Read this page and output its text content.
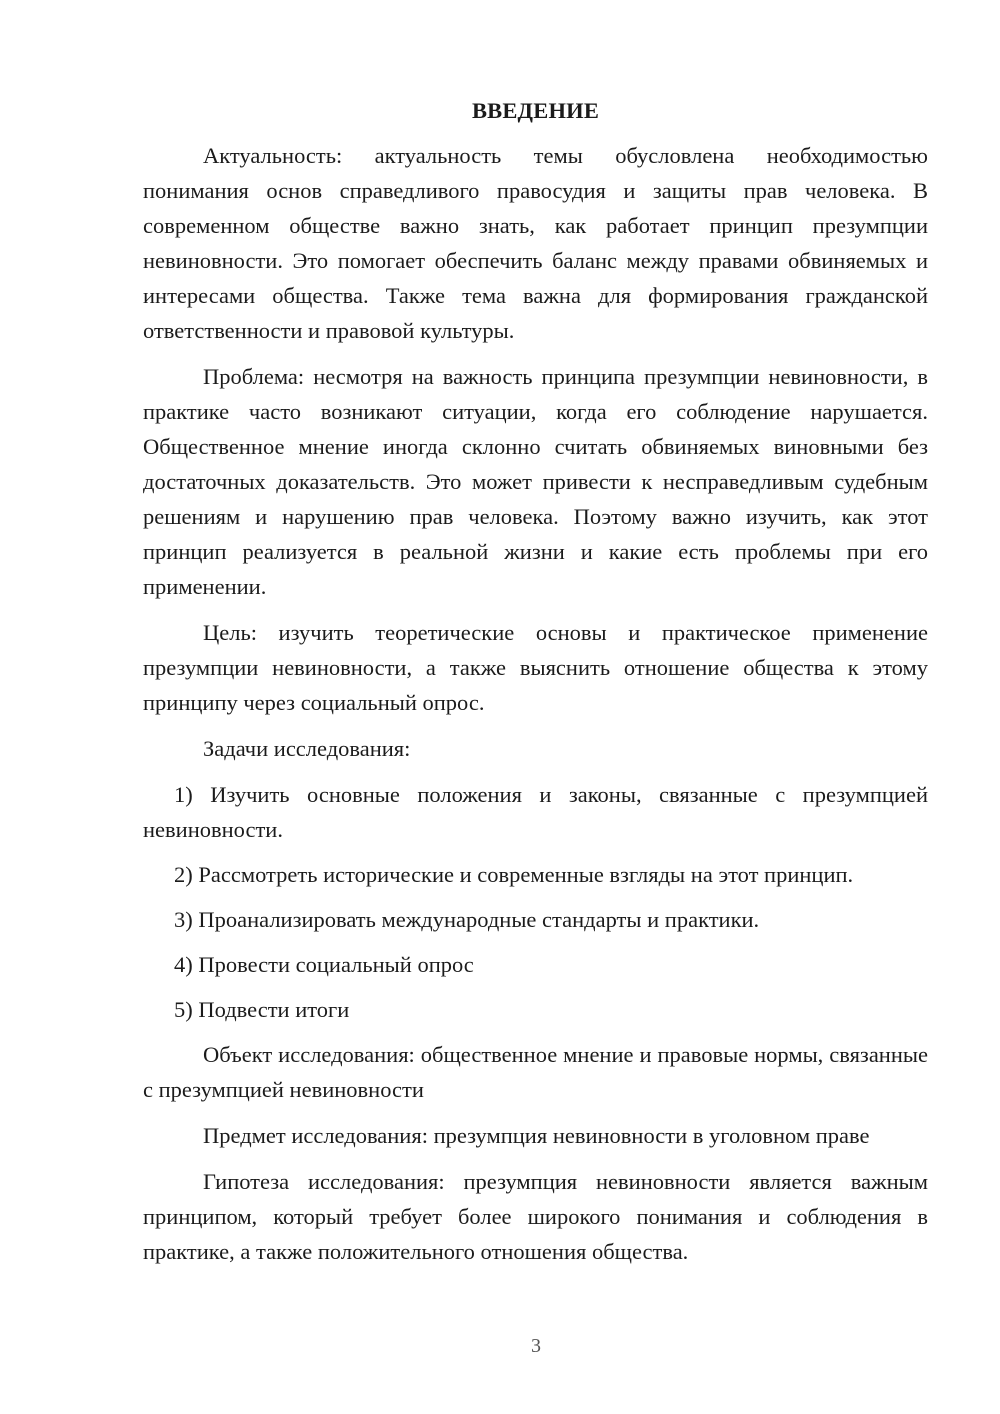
ВВЕДЕНИЕ

Актуальность: актуальность темы обусловлена необходимостью понимания основ справедливого правосудия и защиты прав человека. В современном обществе важно знать, как работает принцип презумпции невиновности. Это помогает обеспечить баланс между правами обвиняемых и интересами общества. Также тема важна для формирования гражданской ответственности и правовой культуры.

Проблема: несмотря на важность принципа презумпции невиновности, в практике часто возникают ситуации, когда его соблюдение нарушается. Общественное мнение иногда склонно считать обвиняемых виновными без достаточных доказательств. Это может привести к несправедливым судебным решениям и нарушению прав человека. Поэтому важно изучить, как этот принцип реализуется в реальной жизни и какие есть проблемы при его применении.

Цель: изучить теоретические основы и практическое применение презумпции невиновности, а также выяснить отношение общества к этому принципу через социальный опрос.

Задачи исследования:

1) Изучить основные положения и законы, связанные с презумпцией невиновности.

2) Рассмотреть исторические и современные взгляды на этот принцип.

3) Проанализировать международные стандарты и практики.

4) Провести социальный опрос

5) Подвести итоги

Объект исследования: общественное мнение и правовые нормы, связанные с презумпцией невиновности

Предмет исследования: презумпция невиновности в уголовном праве

Гипотеза исследования: презумпция невиновности является важным принципом, который требует более широкого понимания и соблюдения в практике, а также положительного отношения общества.

3
